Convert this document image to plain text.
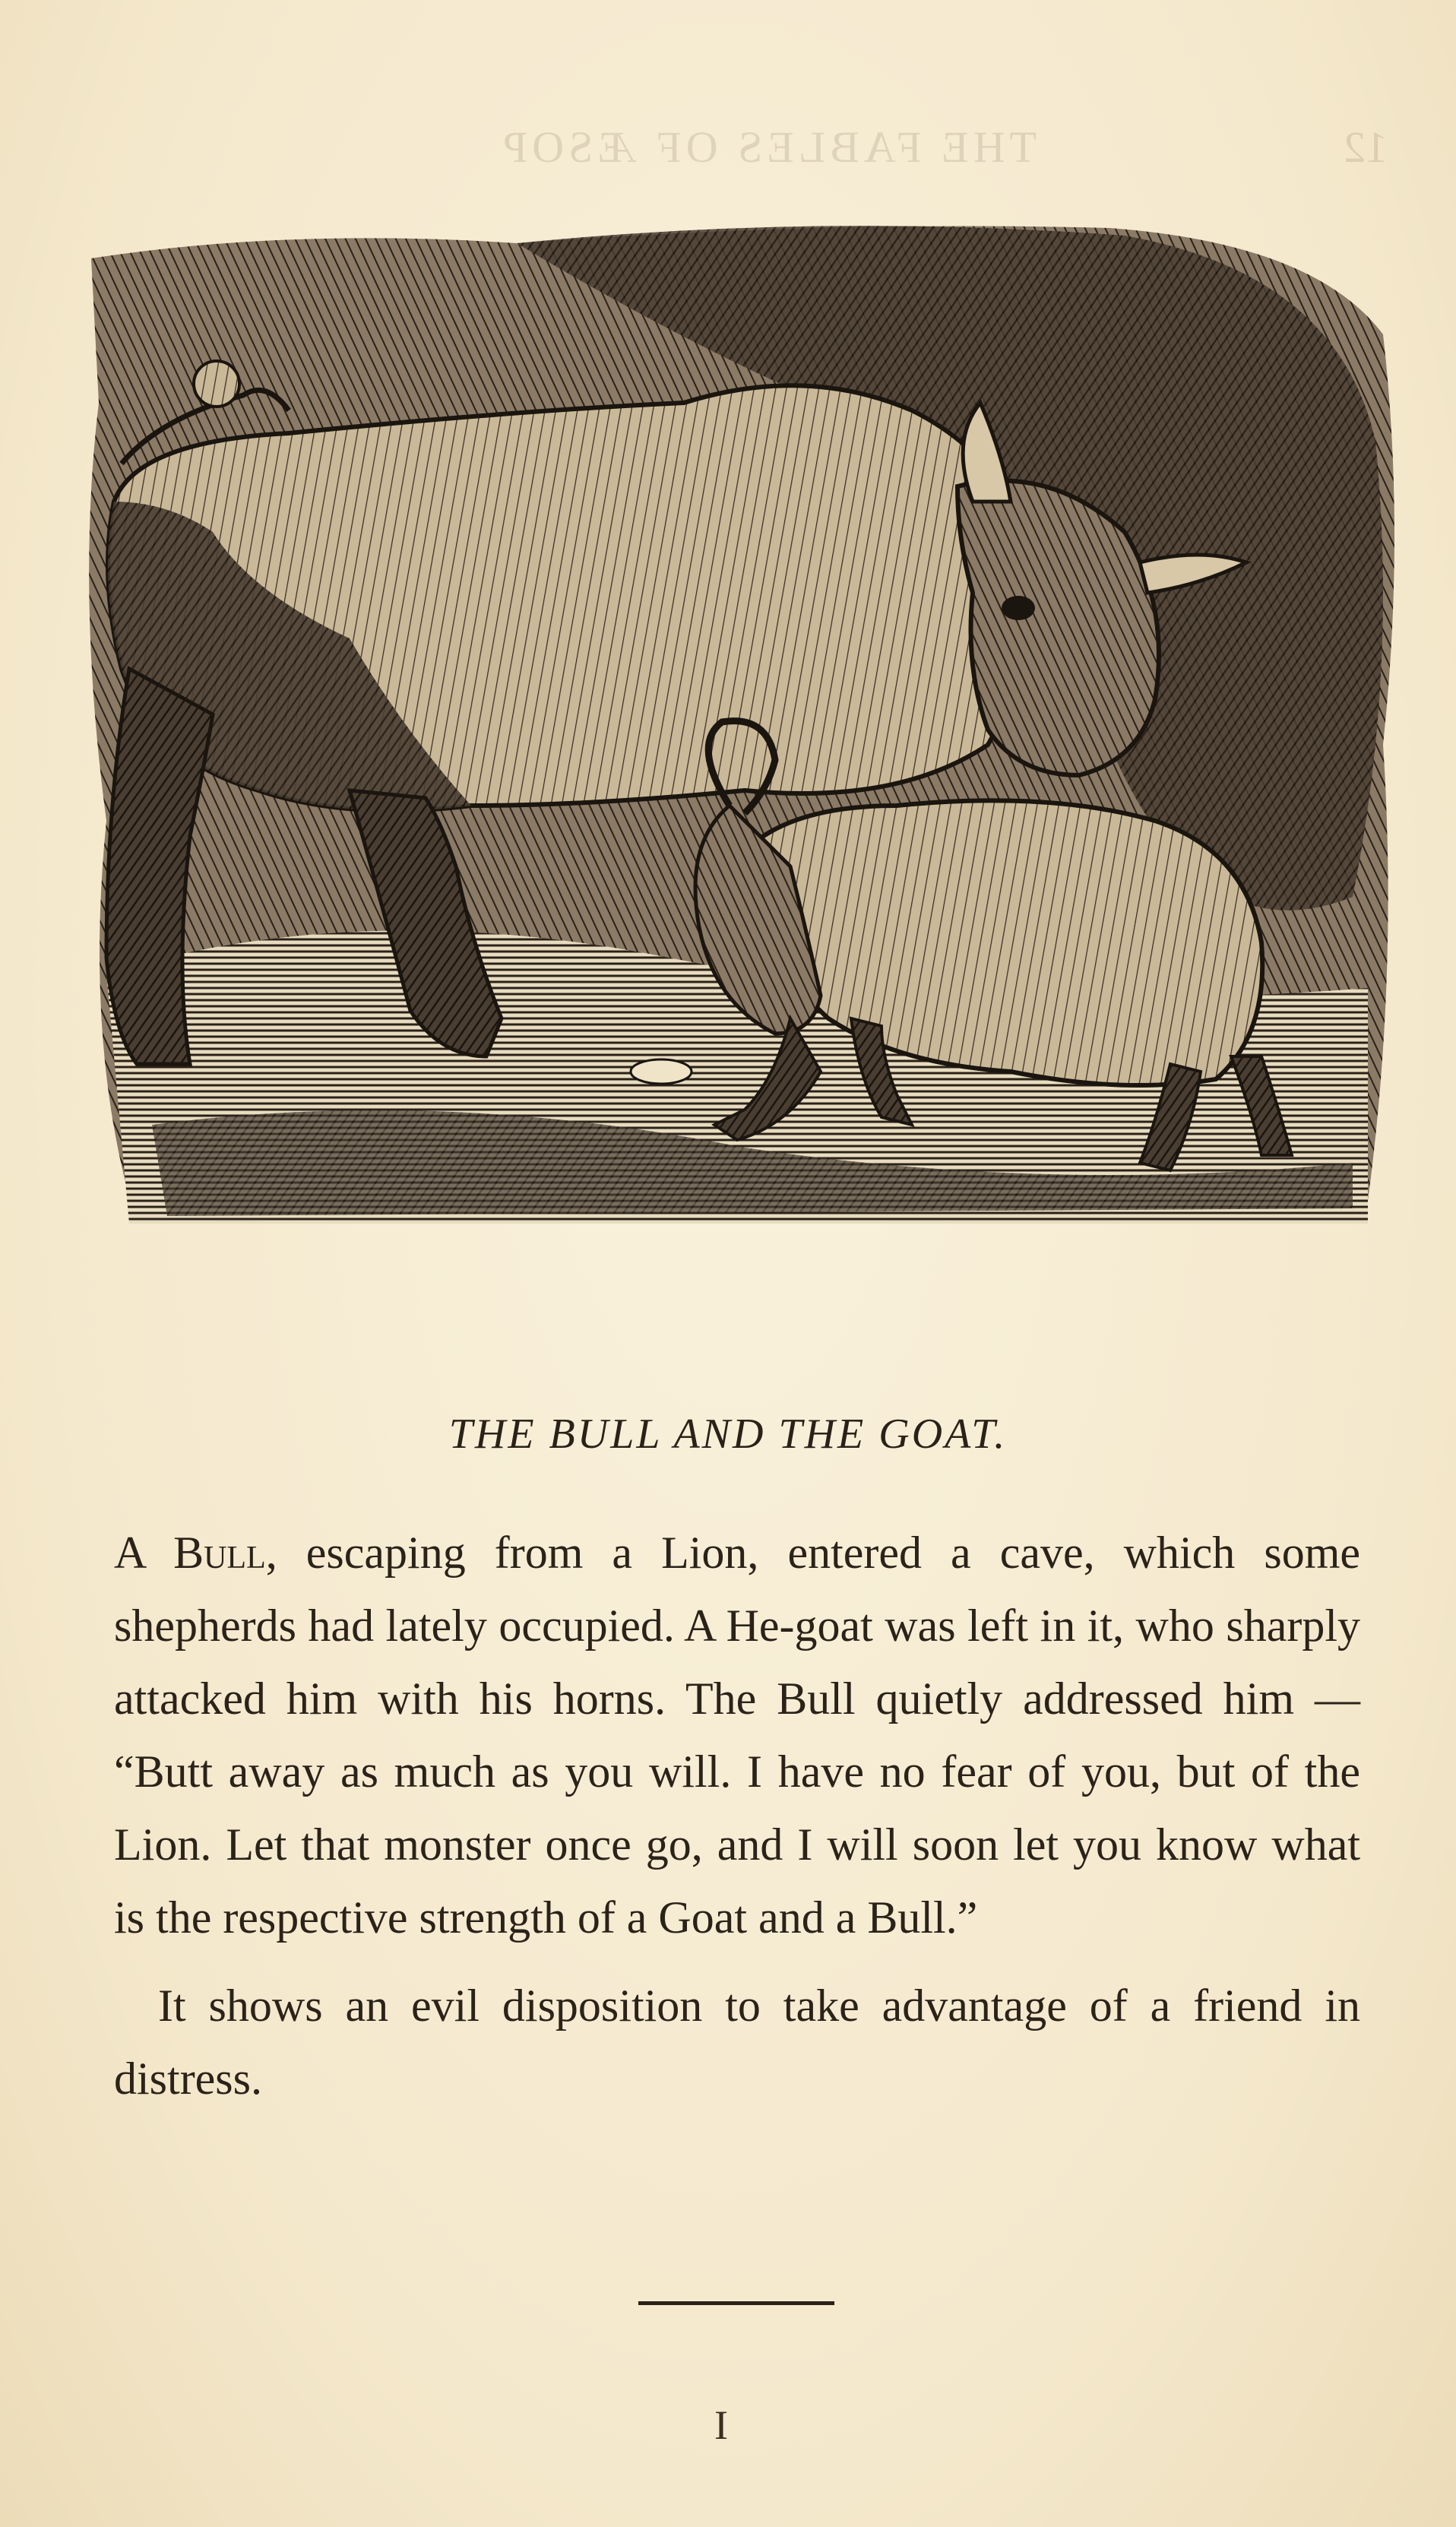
THE FABLES OF ÆSOP	12
THE BULL AND THE GOAT.

A Bull, escaping from a Lion, entered a cave, which some shepherds had lately occupied. A He-goat was left in it, who sharply attacked him with his horns. The Bull quietly addressed him — “Butt away as much as you will. I have no fear of you, but of the Lion. Let that monster once go, and I will soon let you know what is the respective strength of a Goat and a Bull.”

It shows an evil disposition to take advantage of a friend in distress.

I
